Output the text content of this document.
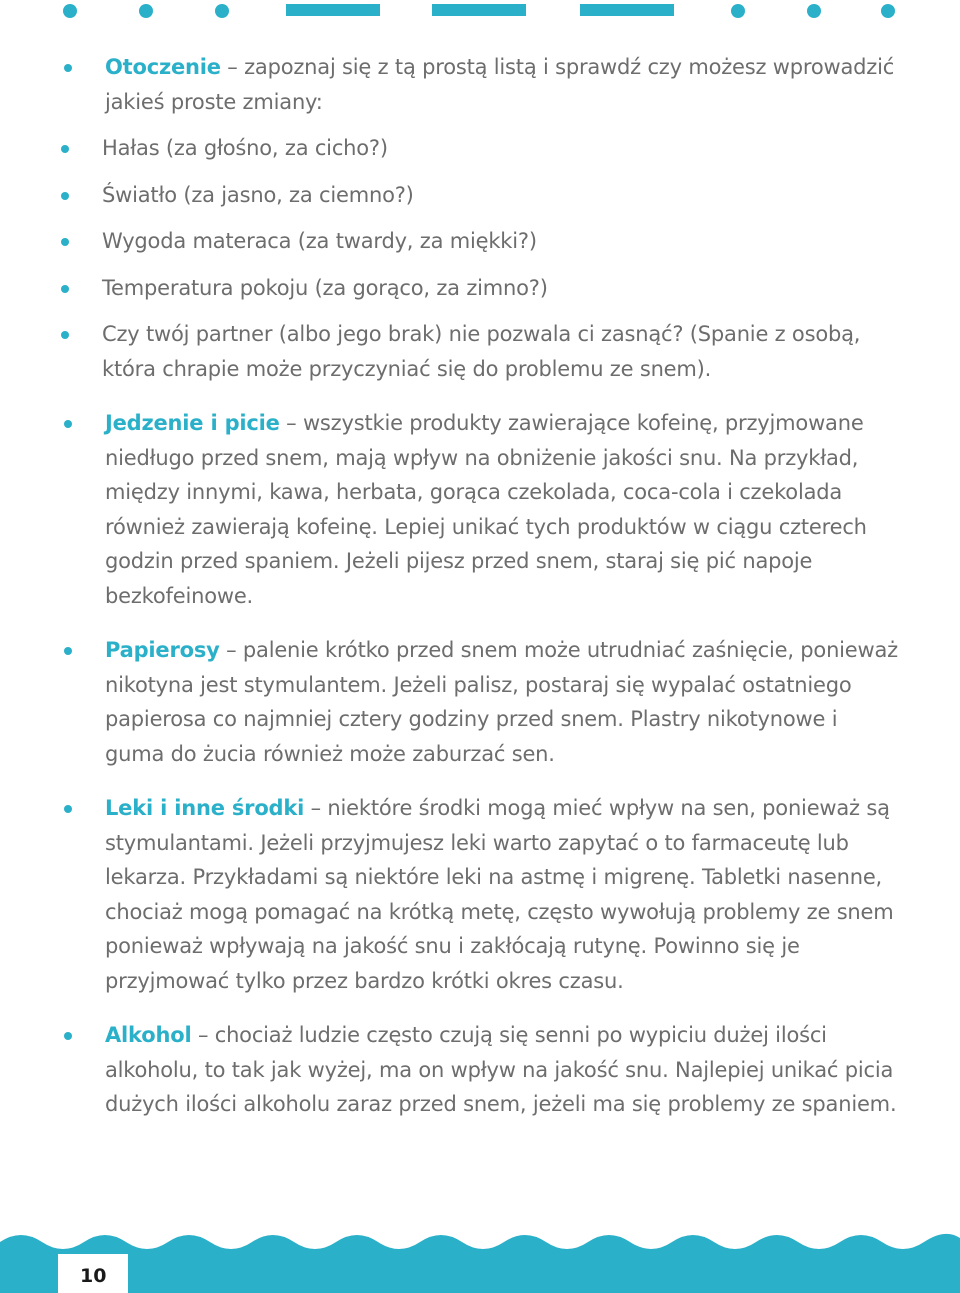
Otoczenie – zapoznaj się z tą prostą listą i sprawdź czy możesz wprowadzić jakieś proste zmiany:
Hałas (za głośno, za cicho?)
Światło (za jasno, za ciemno?)
Wygoda materaca (za twardy, za miękki?)
Temperatura pokoju (za gorąco, za zimno?)
Czy twój partner (albo jego brak) nie pozwala ci zasnąć? (Spanie z osobą, która chrapie może przyczyniać się do problemu ze snem).
Jedzenie i picie – wszystkie produkty zawierające kofeinę, przyjmowane niedługo przed snem, mają wpływ na obniżenie jakości snu. Na przykład, między innymi, kawa, herbata, gorąca czekolada, coca-cola i czekolada również zawierają kofeinę. Lepiej unikać tych produktów w ciągu czterech godzin przed spaniem. Jeżeli pijesz przed snem, staraj się pić napoje bezkofeinowe.
Papierosy – palenie krótko przed snem może utrudniać zaśnięcie, ponieważ nikotyna jest stymulantem. Jeżeli palisz, postaraj się wypalać ostatniego papierosa co najmniej cztery godziny przed snem. Plastry nikotynowe i guma do żucia również może zaburzać sen.
Leki i inne środki – niektóre środki mogą mieć wpływ na sen, ponieważ są stymulantami. Jeżeli przyjmujesz leki warto zapytać o to farmaceutę lub lekarza. Przykładami są niektóre leki na astmę i migrenę. Tabletki nasenne, chociaż mogą pomagać na krótką metę, często wywołują problemy ze snem ponieważ wpływają na jakość snu i zakłócają rutynę. Powinno się je przyjmować tylko przez bardzo krótki okres czasu.
Alkohol – chociaż ludzie często czują się senni po wypiciu dużej ilości alkoholu, to tak jak wyżej, ma on wpływ na jakość snu. Najlepiej unikać picia dużych ilości alkoholu zaraz przed snem, jeżeli ma się problemy ze spaniem.
10
